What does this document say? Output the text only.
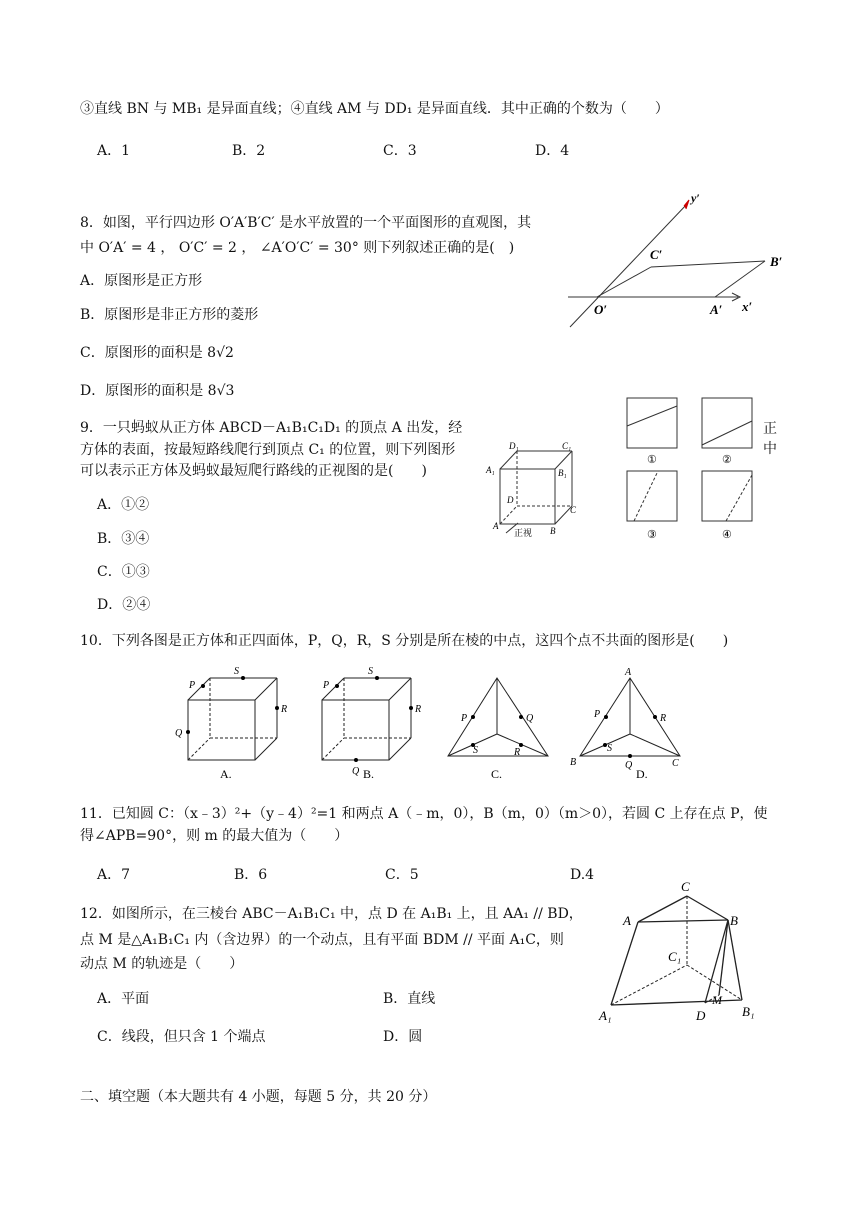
③直线 BN 与 MB₁ 是异面直线；④直线 AM 与 DD₁ 是异面直线．其中正确的个数为（　　）
A．1	B．2	C．3	D．4
8．如图，平行四边形 O′A′B′C′ 是水平放置的一个平面图形的直观图，其
中 O′A′ = 4 ， O′C′ = 2 ， ∠A′O′C′ = 30° 则下列叙述正确的是(　)
A．原图形是正方形
B．原图形是非正方形的菱形
C．原图形的面积是 8√2
D．原图形的面积是 8√3
y′
C′	B′
O′	A′ x′
9．一只蚂蚁从正方体 ABCD－A₁B₁C₁D₁ 的顶点 A 出发，经
方体的表面，按最短路线爬行到顶点 C₁ 的位置，则下列图形
可以表示正方体及蚂蚁最短爬行路线的正视图的是(　　)
A．①②
B．③④
C．①③
D．②④
D₁	C₁
A₁	B₁
D
C
A	B
正视
①	②
③	④
正
中
10．下列各图是正方体和正四面体，P，Q，R，S 分别是所在棱的中点，这四个点不共面的图形是(　　)
P
Q
R
S
A.
P
Q
R
S
B.
P	Q
R
S
C.
P
Q
R
S
A
B	C
D.
11．已知圆 C：（x﹣3）²+（y﹣4）²=1 和两点 A（﹣m，0），B（m，0）（m＞0），若圆 C 上存在点 P，使
得∠APB=90°，则 m 的最大值为（　　）
A．7	B．6	C．5	D.4
12．如图所示，在三棱台 ABC－A₁B₁C₁ 中，点 D 在 A₁B₁ 上，且 AA₁ // BD，
点 M 是△A₁B₁C₁ 内（含边界）的一个动点，且有平面 BDM // 平面 A₁C，则
动点 M 的轨迹是（　　）
A．平面	B．直线
C．线段，但只含 1 个端点	D．圆
C
A	B
C₁
A₁	D
M
B₁
二、填空题（本大题共有 4 小题，每题 5 分，共 20 分）
